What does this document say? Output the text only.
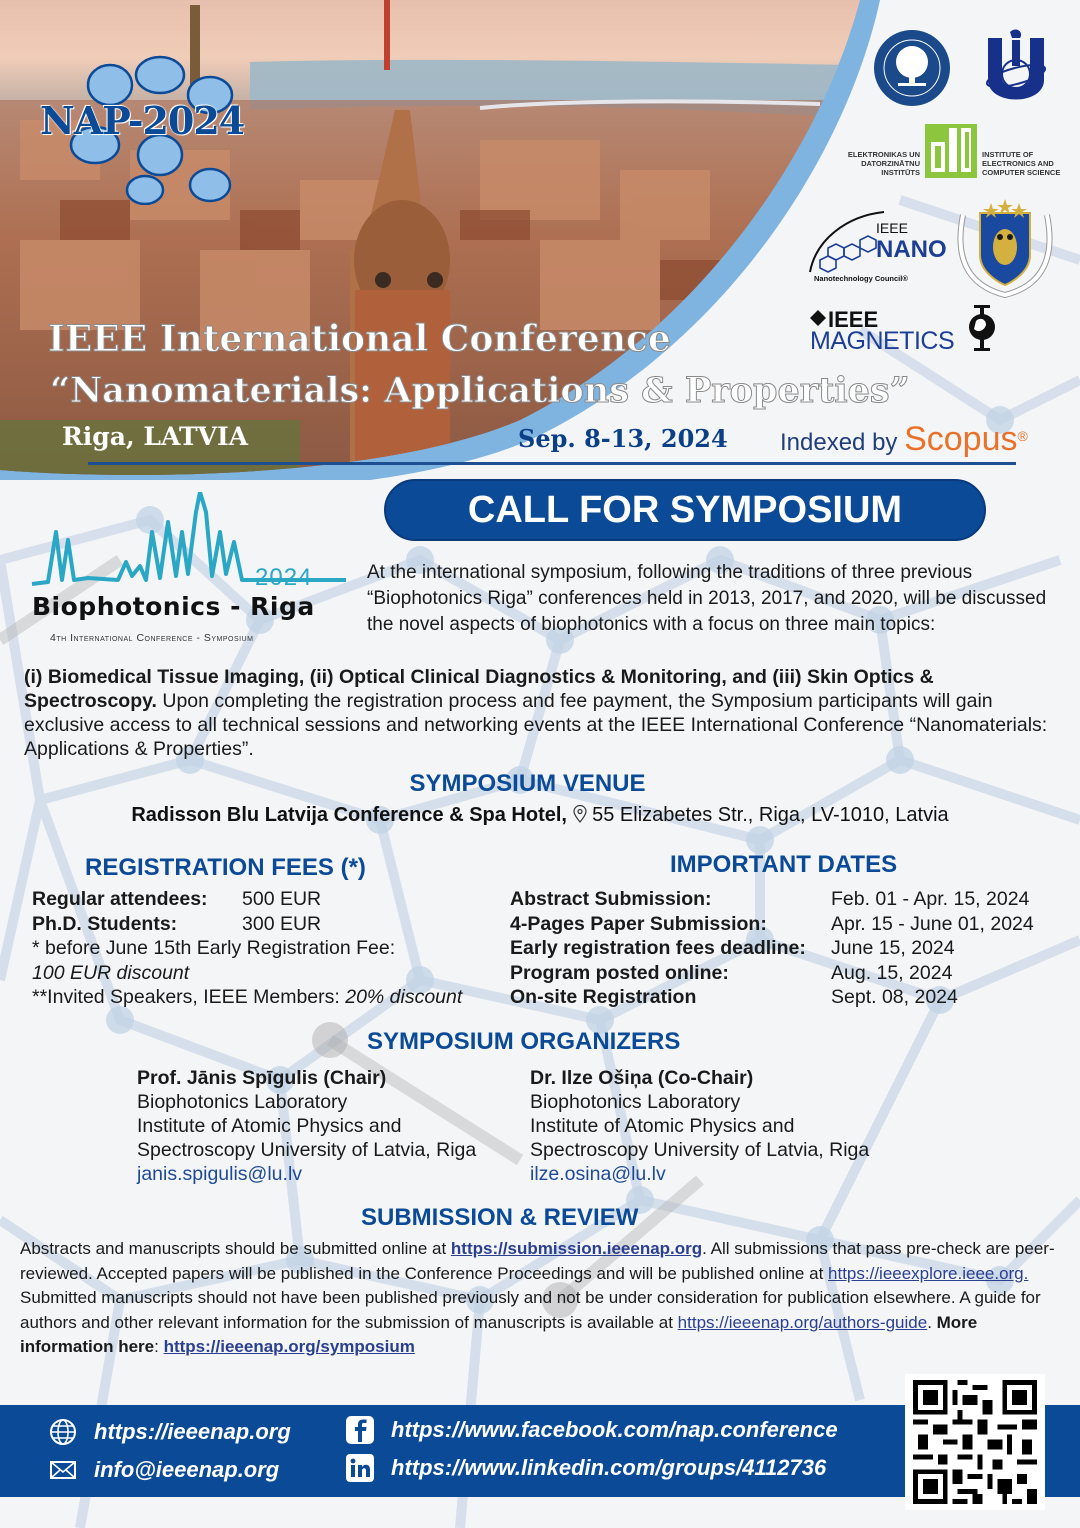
NAP-2024
ELEKTRONIKAS UN
DATORZINĀTNU
INSTITŪTS
INSTITUTE OF
ELECTRONICS AND
COMPUTER SCIENCE
IEEE
NANO
Nanotechnology Council®
IEEE
MAGNETICS
IEEE International Conference
“Nanomaterials: Applications & Properties”
Riga, LATVIA	Sep. 8-13, 2024 Indexed by Scopus®
CALL FOR SYMPOSIUM
2024
Biophotonics - Riga
4th International Conference - Symposium
At the international symposium, following the traditions of three previous “Biophotonics Riga” conferences held in 2013, 2017, and 2020, will be discussed the novel aspects of biophotonics with a focus on three main topics:
(i) Biomedical Tissue Imaging, (ii) Optical Clinical Diagnostics & Monitoring, and (iii) Skin Optics & Spectroscopy. Upon completing the registration process and fee payment, the Symposium participants will gain exclusive access to all technical sessions and networking events at the IEEE International Conference “Nanomaterials: Applications & Properties”.
SYMPOSIUM VENUE
Radisson Blu Latvija Conference & Spa Hotel, 55 Elizabetes Str., Riga, LV-1010, Latvia
REGISTRATION FEES (*)
Regular attendees:	500 EUR
Ph.D. Students:	300 EUR
* before June 15th Early Registration Fee:
100 EUR discount
**Invited Speakers, IEEE Members: 20% discount
IMPORTANT DATES
Abstract Submission:	Feb. 01 - Apr. 15, 2024
4-Pages Paper Submission:	Apr. 15 - June 01, 2024
Early registration fees deadline:	June 15, 2024
Program posted online:	Aug. 15, 2024
On-site Registration	Sept. 08, 2024
SYMPOSIUM ORGANIZERS
Prof. Jānis Spīgulis (Chair)
Biophotonics Laboratory
Institute of Atomic Physics and
Spectroscopy University of Latvia, Riga
janis.spigulis@lu.lv
Dr. Ilze Ošiņa (Co-Chair)
Biophotonics Laboratory
Institute of Atomic Physics and
Spectroscopy University of Latvia, Riga
ilze.osina@lu.lv
SUBMISSION & REVIEW
Abstracts and manuscripts should be submitted online at https://submission.ieeenap.org. All submissions that pass pre-check are peer-reviewed. Accepted papers will be published in the Conference Proceedings and will be published online at https://ieeexplore.ieee.org.
Submitted manuscripts should not have been published previously and not be under consideration for publication elsewhere. A guide for authors and other relevant information for the submission of manuscripts is available at https://ieeenap.org/authors-guide. More information here: https://ieeenap.org/symposium
https://ieeenap.org
info@ieeenap.org
https://www.facebook.com/nap.conference
https://www.linkedin.com/groups/4112736
